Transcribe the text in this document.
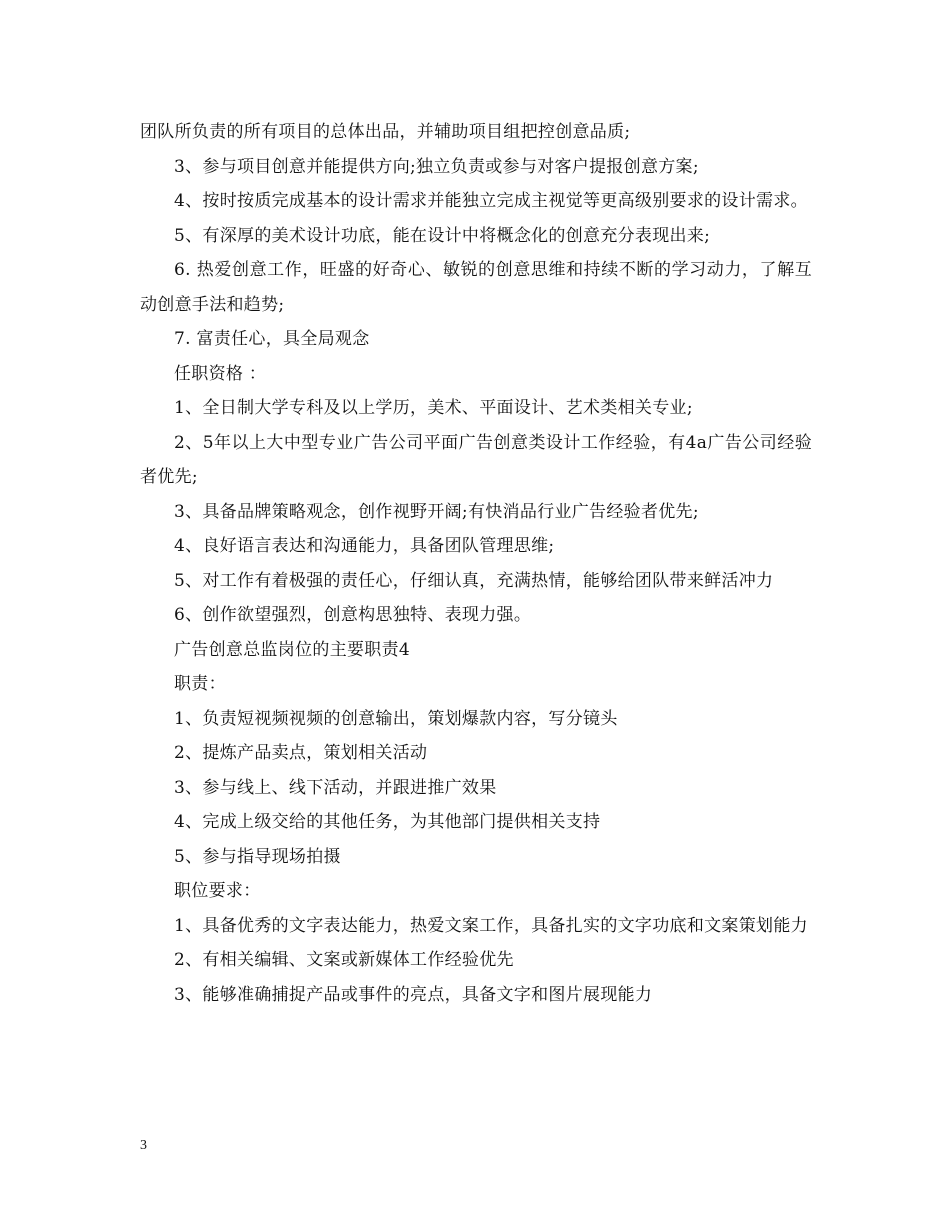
团队所负责的所有项目的总体出品，并辅助项目组把控创意品质;

3、参与项目创意并能提供方向;独立负责或参与对客户提报创意方案;

4、按时按质完成基本的设计需求并能独立完成主视觉等更高级别要求的设计需求。

5、有深厚的美术设计功底，能在设计中将概念化的创意充分表现出来;

6. 热爱创意工作，旺盛的好奇心、敏锐的创意思维和持续不断的学习动力，了解互动创意手法和趋势;

7. 富责任心，具全局观念

任职资格 ：

1、全日制大学专科及以上学历，美术、平面设计、艺术类相关专业;

2、5年以上大中型专业广告公司平面广告创意类设计工作经验，有4a广告公司经验者优先;

3、具备品牌策略观念，创作视野开阔;有快消品行业广告经验者优先;

4、良好语言表达和沟通能力，具备团队管理思维;

5、对工作有着极强的责任心，仔细认真，充满热情，能够给团队带来鲜活冲力

6、创作欲望强烈，创意构思独特、表现力强。

广告创意总监岗位的主要职责4

职责：

1、负责短视频视频的创意输出，策划爆款内容，写分镜头

2、提炼产品卖点，策划相关活动

3、参与线上、线下活动，并跟进推广效果

4、完成上级交给的其他任务，为其他部门提供相关支持

5、参与指导现场拍摄

职位要求：

1、具备优秀的文字表达能力，热爱文案工作，具备扎实的文字功底和文案策划能力

2、有相关编辑、文案或新媒体工作经验优先

3、能够准确捕捉产品或事件的亮点，具备文字和图片展现能力

3
